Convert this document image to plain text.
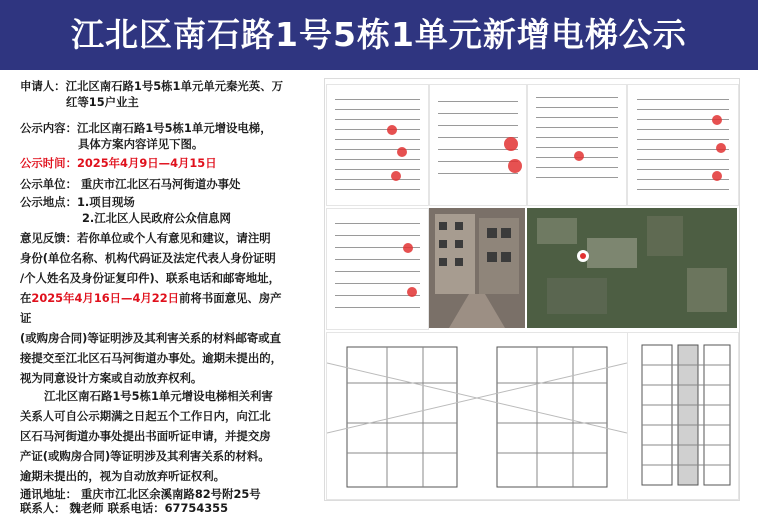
江北区南石路1号5栋1单元新增电梯公示
申请人：江北区南石路1号5栋1单元单元秦光英、万
红等15户业主
公示内容：江北区南石路1号5栋1单元增设电梯，
具体方案内容详见下图。
公示时间：2025年4月9日—4月15日
公示单位： 重庆市江北区石马河街道办事处
公示地点：1.项目现场
2.江北区人民政府公众信息网
意见反馈：若你单位或个人有意见和建议，请注明
身份(单位名称、机构代码证及法定代表人身份证明
/个人姓名及身份证复印件)、联系电话和邮寄地址，
在2025年4月16日—4月22日前将书面意见、房产
证
(或购房合同)等证明涉及其利害关系的材料邮寄或直
接提交至江北区石马河街道办事处。逾期未提出的，
视为同意设计方案或自动放弃权利。
江北区南石路1号5栋1单元增设电梯相关利害
关系人可自公示期满之日起五个工作日内，向江北
区石马河街道办事处提出书面听证申请，并提交房
产证(或购房合同)等证明涉及其利害关系的材料。
逾期未提出的，视为自动放弃听证权利。
通讯地址： 重庆市江北区余溪南路82号附25号
联系人： 魏老师 联系电话：67754355
